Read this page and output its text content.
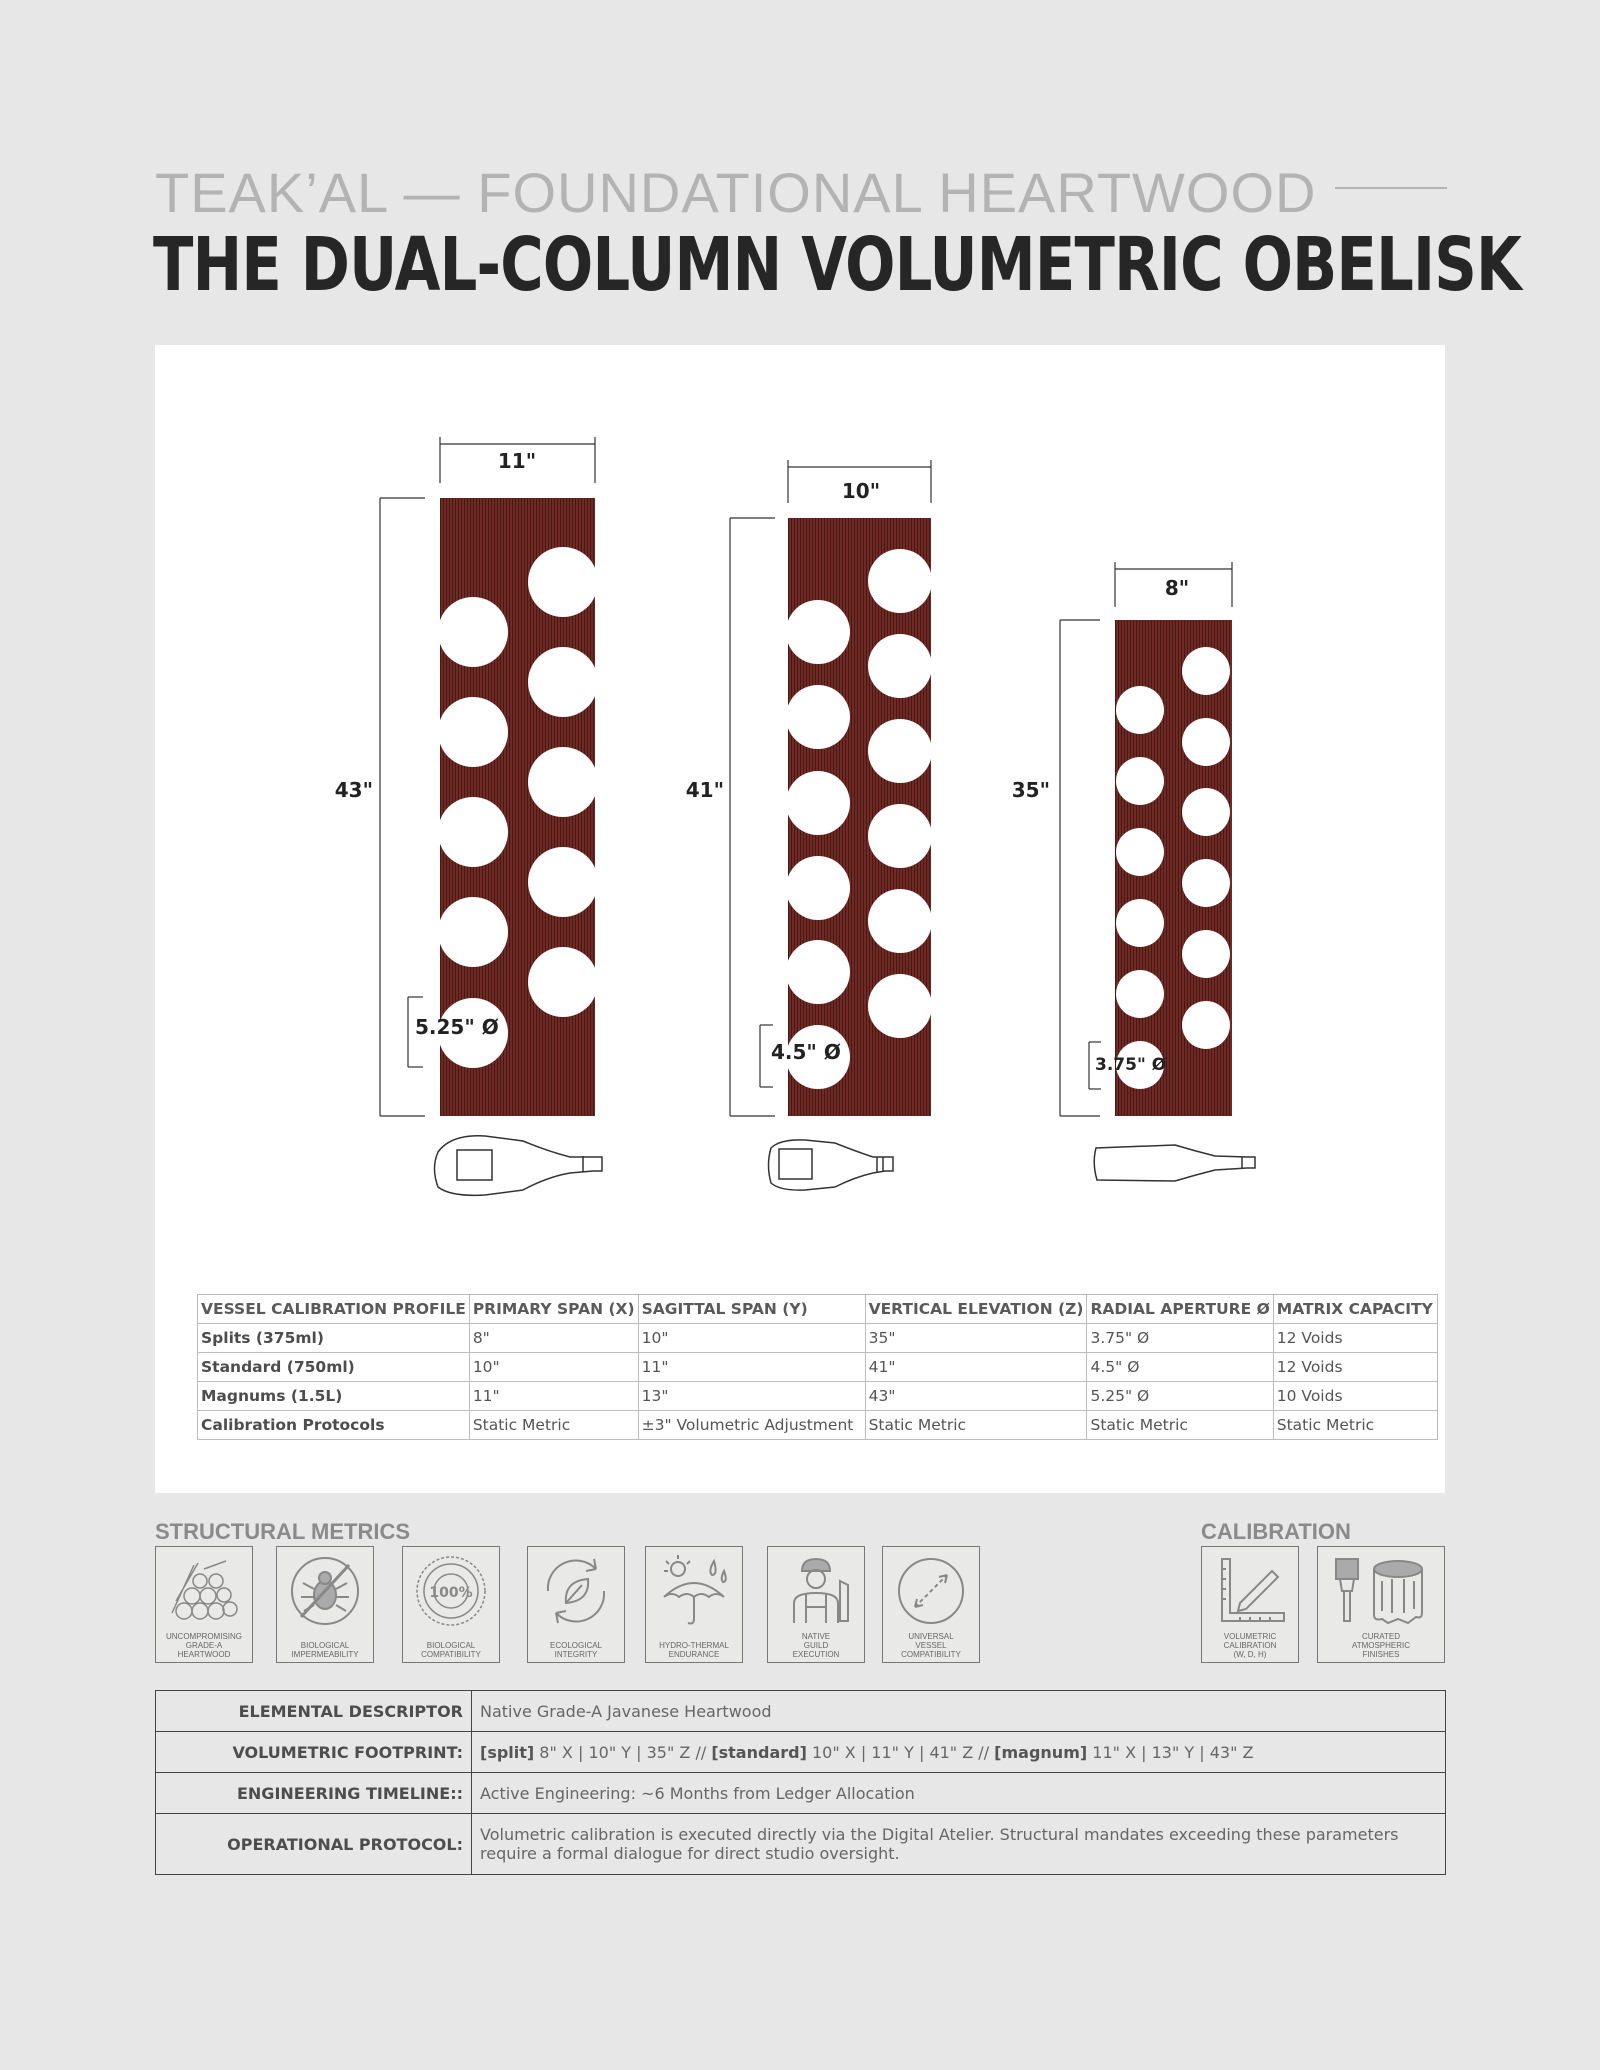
TEAK’AL — FOUNDATIONAL HEARTWOOD
THE DUAL-COLUMN VOLUMETRIC OBELISK
11"
43"
5.25" Ø
10"
41"
4.5" Ø
8"
35"
3.75" Ø
VESSEL CALIBRATION PROFILE	PRIMARY SPAN (X)	SAGITTAL SPAN (Y)	VERTICAL ELEVATION (Z)	RADIAL APERTURE Ø	MATRIX CAPACITY
Splits (375ml)	8"	10"	35"	3.75" Ø	12 Voids
Standard (750ml)	10"	11"	41"	4.5" Ø	12 Voids
Magnums (1.5L)	11"	13"	43"	5.25" Ø	10 Voids
Calibration Protocols	Static Metric	±3" Volumetric Adjustment	Static Metric	Static Metric	Static Metric
STRUCTURAL METRICS	CALIBRATION
UNCOMPROMISING
GRADE-A
HEARTWOOD
BIOLOGICAL
IMPERMEABILITY
100%
BIOLOGICAL
COMPATIBILITY
ECOLOGICAL
INTEGRITY
HYDRO-THERMAL
ENDURANCE
NATIVE
GUILD
EXECUTION
UNIVERSAL
VESSEL
COMPATIBILITY
VOLUMETRIC
CALIBRATION
(W, D, H)
CURATED
ATMOSPHERIC
FINISHES
ELEMENTAL DESCRIPTOR	Native Grade-A Javanese Heartwood
VOLUMETRIC FOOTPRINT:	[split] 8" X | 10" Y | 35" Z // [standard] 10" X | 11" Y | 41" Z // [magnum] 11" X | 13" Y | 43" Z
ENGINEERING TIMELINE::	Active Engineering: ~6 Months from Ledger Allocation
OPERATIONAL PROTOCOL:	Volumetric calibration is executed directly via the Digital Atelier. Structural mandates exceeding these parameters require a formal dialogue for direct studio oversight.
